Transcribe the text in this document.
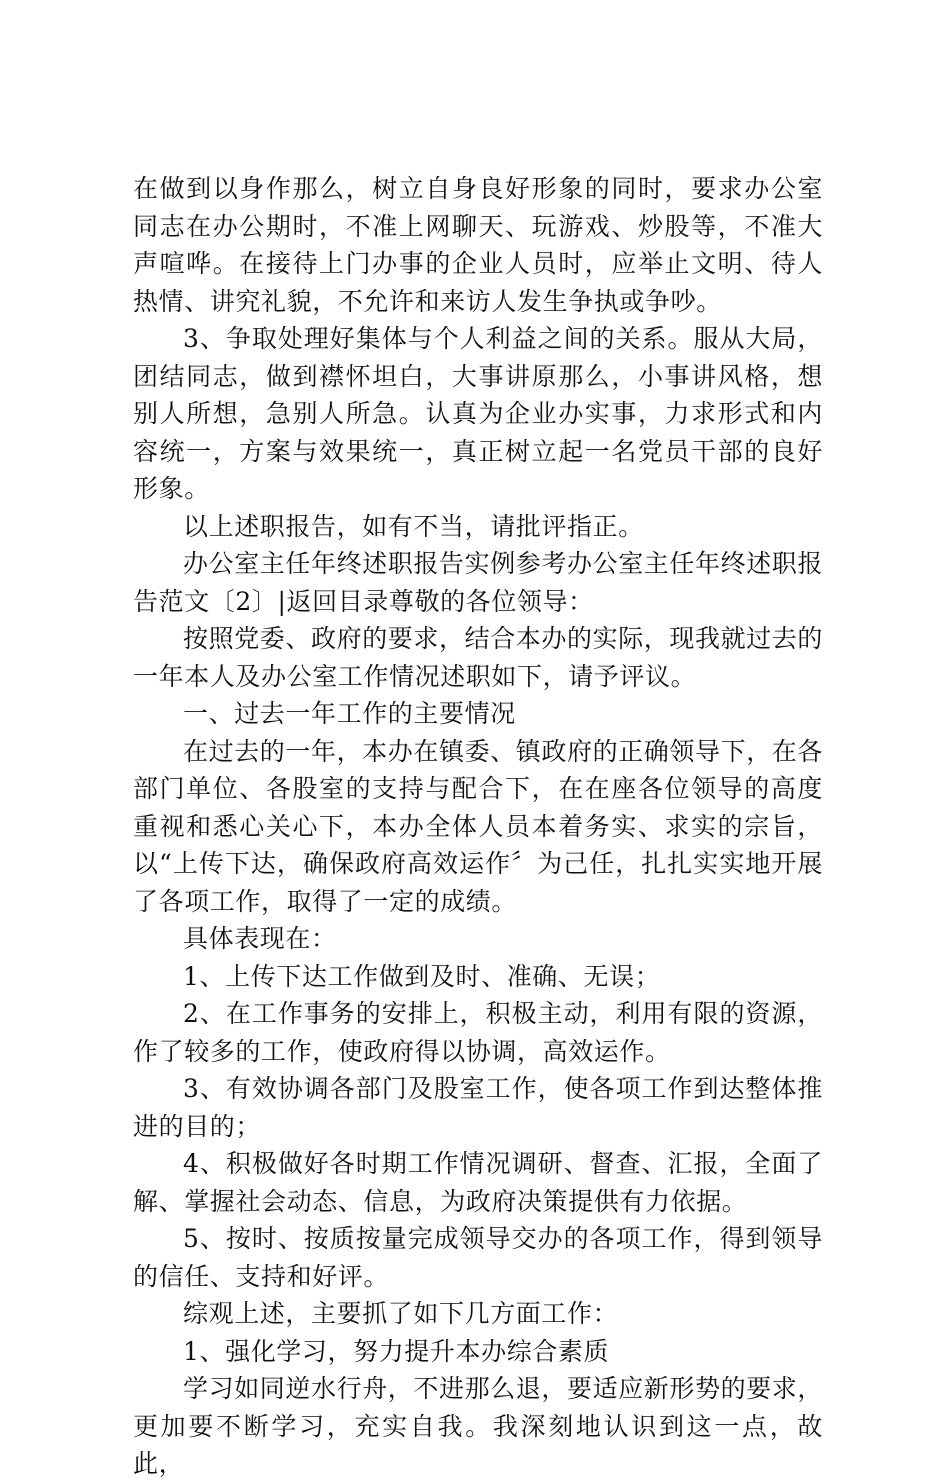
在做到以身作那么，树立自身良好形象的同时，要求办公室同志在办公期时，不准上网聊天、玩游戏、炒股等，不准大声喧哗。在接待上门办事的企业人员时，应举止文明、待人热情、讲究礼貌，不允许和来访人发生争执或争吵。

3、争取处理好集体与个人利益之间的关系。服从大局，团结同志，做到襟怀坦白，大事讲原那么，小事讲风格，想别人所想，急别人所急。认真为企业办实事，力求形式和内容统一，方案与效果统一，真正树立起一名党员干部的良好形象。

以上述职报告，如有不当，请批评指正。

办公室主任年终述职报告实例参考办公室主任年终述职报告范文〔2〕|返回目录尊敬的各位领导：

按照党委、政府的要求，结合本办的实际，现我就过去的一年本人及办公室工作情况述职如下，请予评议。

一、过去一年工作的主要情况

在过去的一年，本办在镇委、镇政府的正确领导下，在各部门单位、各股室的支持与配合下，在在座各位领导的高度重视和悉心关心下，本办全体人员本着务实、求实的宗旨，以“上传下达，确保政府高效运作〞为己任，扎扎实实地开展了各项工作，取得了一定的成绩。

具体表现在：

1、上传下达工作做到及时、准确、无误；

2、在工作事务的安排上，积极主动，利用有限的资源，作了较多的工作，使政府得以协调，高效运作。

3、有效协调各部门及股室工作，使各项工作到达整体推进的目的；

4、积极做好各时期工作情况调研、督查、汇报，全面了解、掌握社会动态、信息，为政府决策提供有力依据。

5、按时、按质按量完成领导交办的各项工作，得到领导的信任、支持和好评。

综观上述，主要抓了如下几方面工作：

1、强化学习，努力提升本办综合素质

学习如同逆水行舟，不进那么退，要适应新形势的要求，更加要不断学习，充实自我。我深刻地认识到这一点，故此，
